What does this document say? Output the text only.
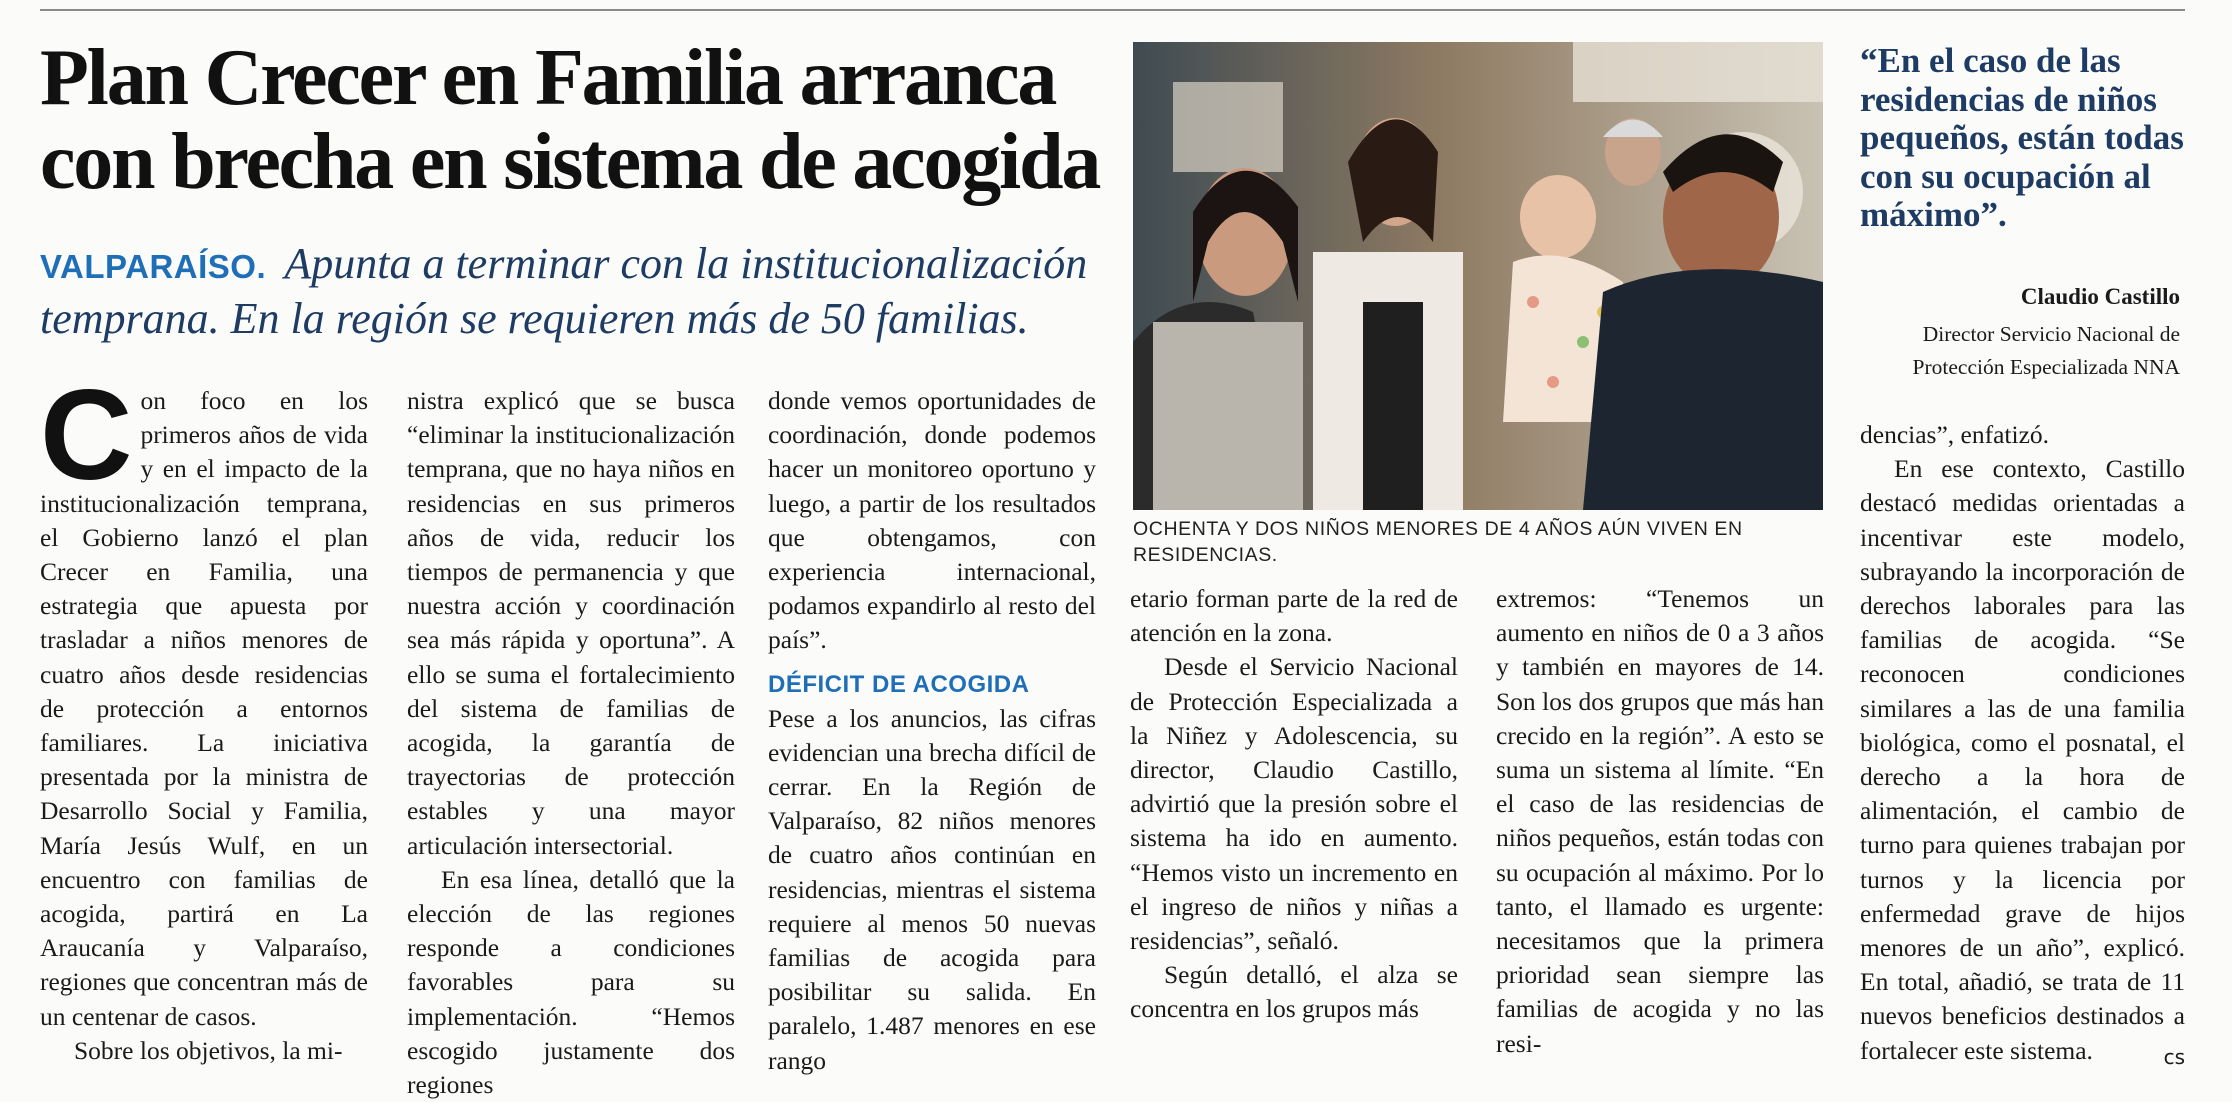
Plan Crecer en Familia arranca con brecha en sistema de acogida
VALPARAÍSO. Apunta a terminar con la institucionalización temprana. En la región se requieren más de 50 familias.

Con foco en los primeros años de vida y en el impacto de la institucionalización temprana, el Gobierno lanzó el plan Crecer en Familia, una estrategia que apuesta por trasladar a niños menores de cuatro años desde residencias de protección a entornos familiares. La iniciativa presentada por la ministra de Desarrollo Social y Familia, María Jesús Wulf, en un encuentro con familias de acogida, partirá en La Araucanía y Valparaíso, regiones que concentran más de un centenar de casos.

Sobre los objetivos, la mi-

nistra explicó que se busca “eliminar la institucionalización temprana, que no haya niños en residencias en sus primeros años de vida, reducir los tiempos de permanencia y que nuestra acción y coordinación sea más rápida y oportuna”. A ello se suma el fortalecimiento del sistema de familias de acogida, la garantía de trayectorias de protección estables y una mayor articulación intersectorial.

En esa línea, detalló que la elección de las regiones responde a condiciones favorables para su implementación. “Hemos escogido justamente dos regiones

donde vemos oportunidades de coordinación, donde podemos hacer un monitoreo oportuno y luego, a partir de los resultados que obtengamos, con experiencia internacional, podamos expandirlo al resto del país”.

DÉFICIT DE ACOGIDA

Pese a los anuncios, las cifras evidencian una brecha difícil de cerrar. En la Región de Valparaíso, 82 niños menores de cuatro años continúan en residencias, mientras el sistema requiere al menos 50 nuevas familias de acogida para posibilitar su salida. En paralelo, 1.487 menores en ese rango

OCHENTA Y DOS NIÑOS MENORES DE 4 AÑOS AÚN VIVEN EN RESIDENCIAS.

“En el caso de las residencias de niños pequeños, están todas con su ocupación al máximo”.

Claudio Castillo
Director Servicio Nacional de Protección Especializada NNA

etario forman parte de la red de atención en la zona.

Desde el Servicio Nacional de Protección Especializada a la Niñez y Adolescencia, su director, Claudio Castillo, advirtió que la presión sobre el sistema ha ido en aumento. “Hemos visto un incremento en el ingreso de niños y niñas a residencias”, señaló.

Según detalló, el alza se concentra en los grupos más

extremos: “Tenemos un aumento en niños de 0 a 3 años y también en mayores de 14. Son los dos grupos que más han crecido en la región”. A esto se suma un sistema al límite. “En el caso de las residencias de niños pequeños, están todas con su ocupación al máximo. Por lo tanto, el llamado es urgente: necesitamos que la primera prioridad sean siempre las familias de acogida y no las resi-

dencias”, enfatizó.

En ese contexto, Castillo destacó medidas orientadas a incentivar este modelo, subrayando la incorporación de derechos laborales para las familias de acogida. “Se reconocen condiciones similares a las de una familia biológica, como el posnatal, el derecho a la hora de alimentación, el cambio de turno para quienes trabajan por turnos y la licencia por enfermedad grave de hijos menores de un año”, explicó. En total, añadió, se trata de 11 nuevos beneficios destinados a fortalecer este sistema.	cs
